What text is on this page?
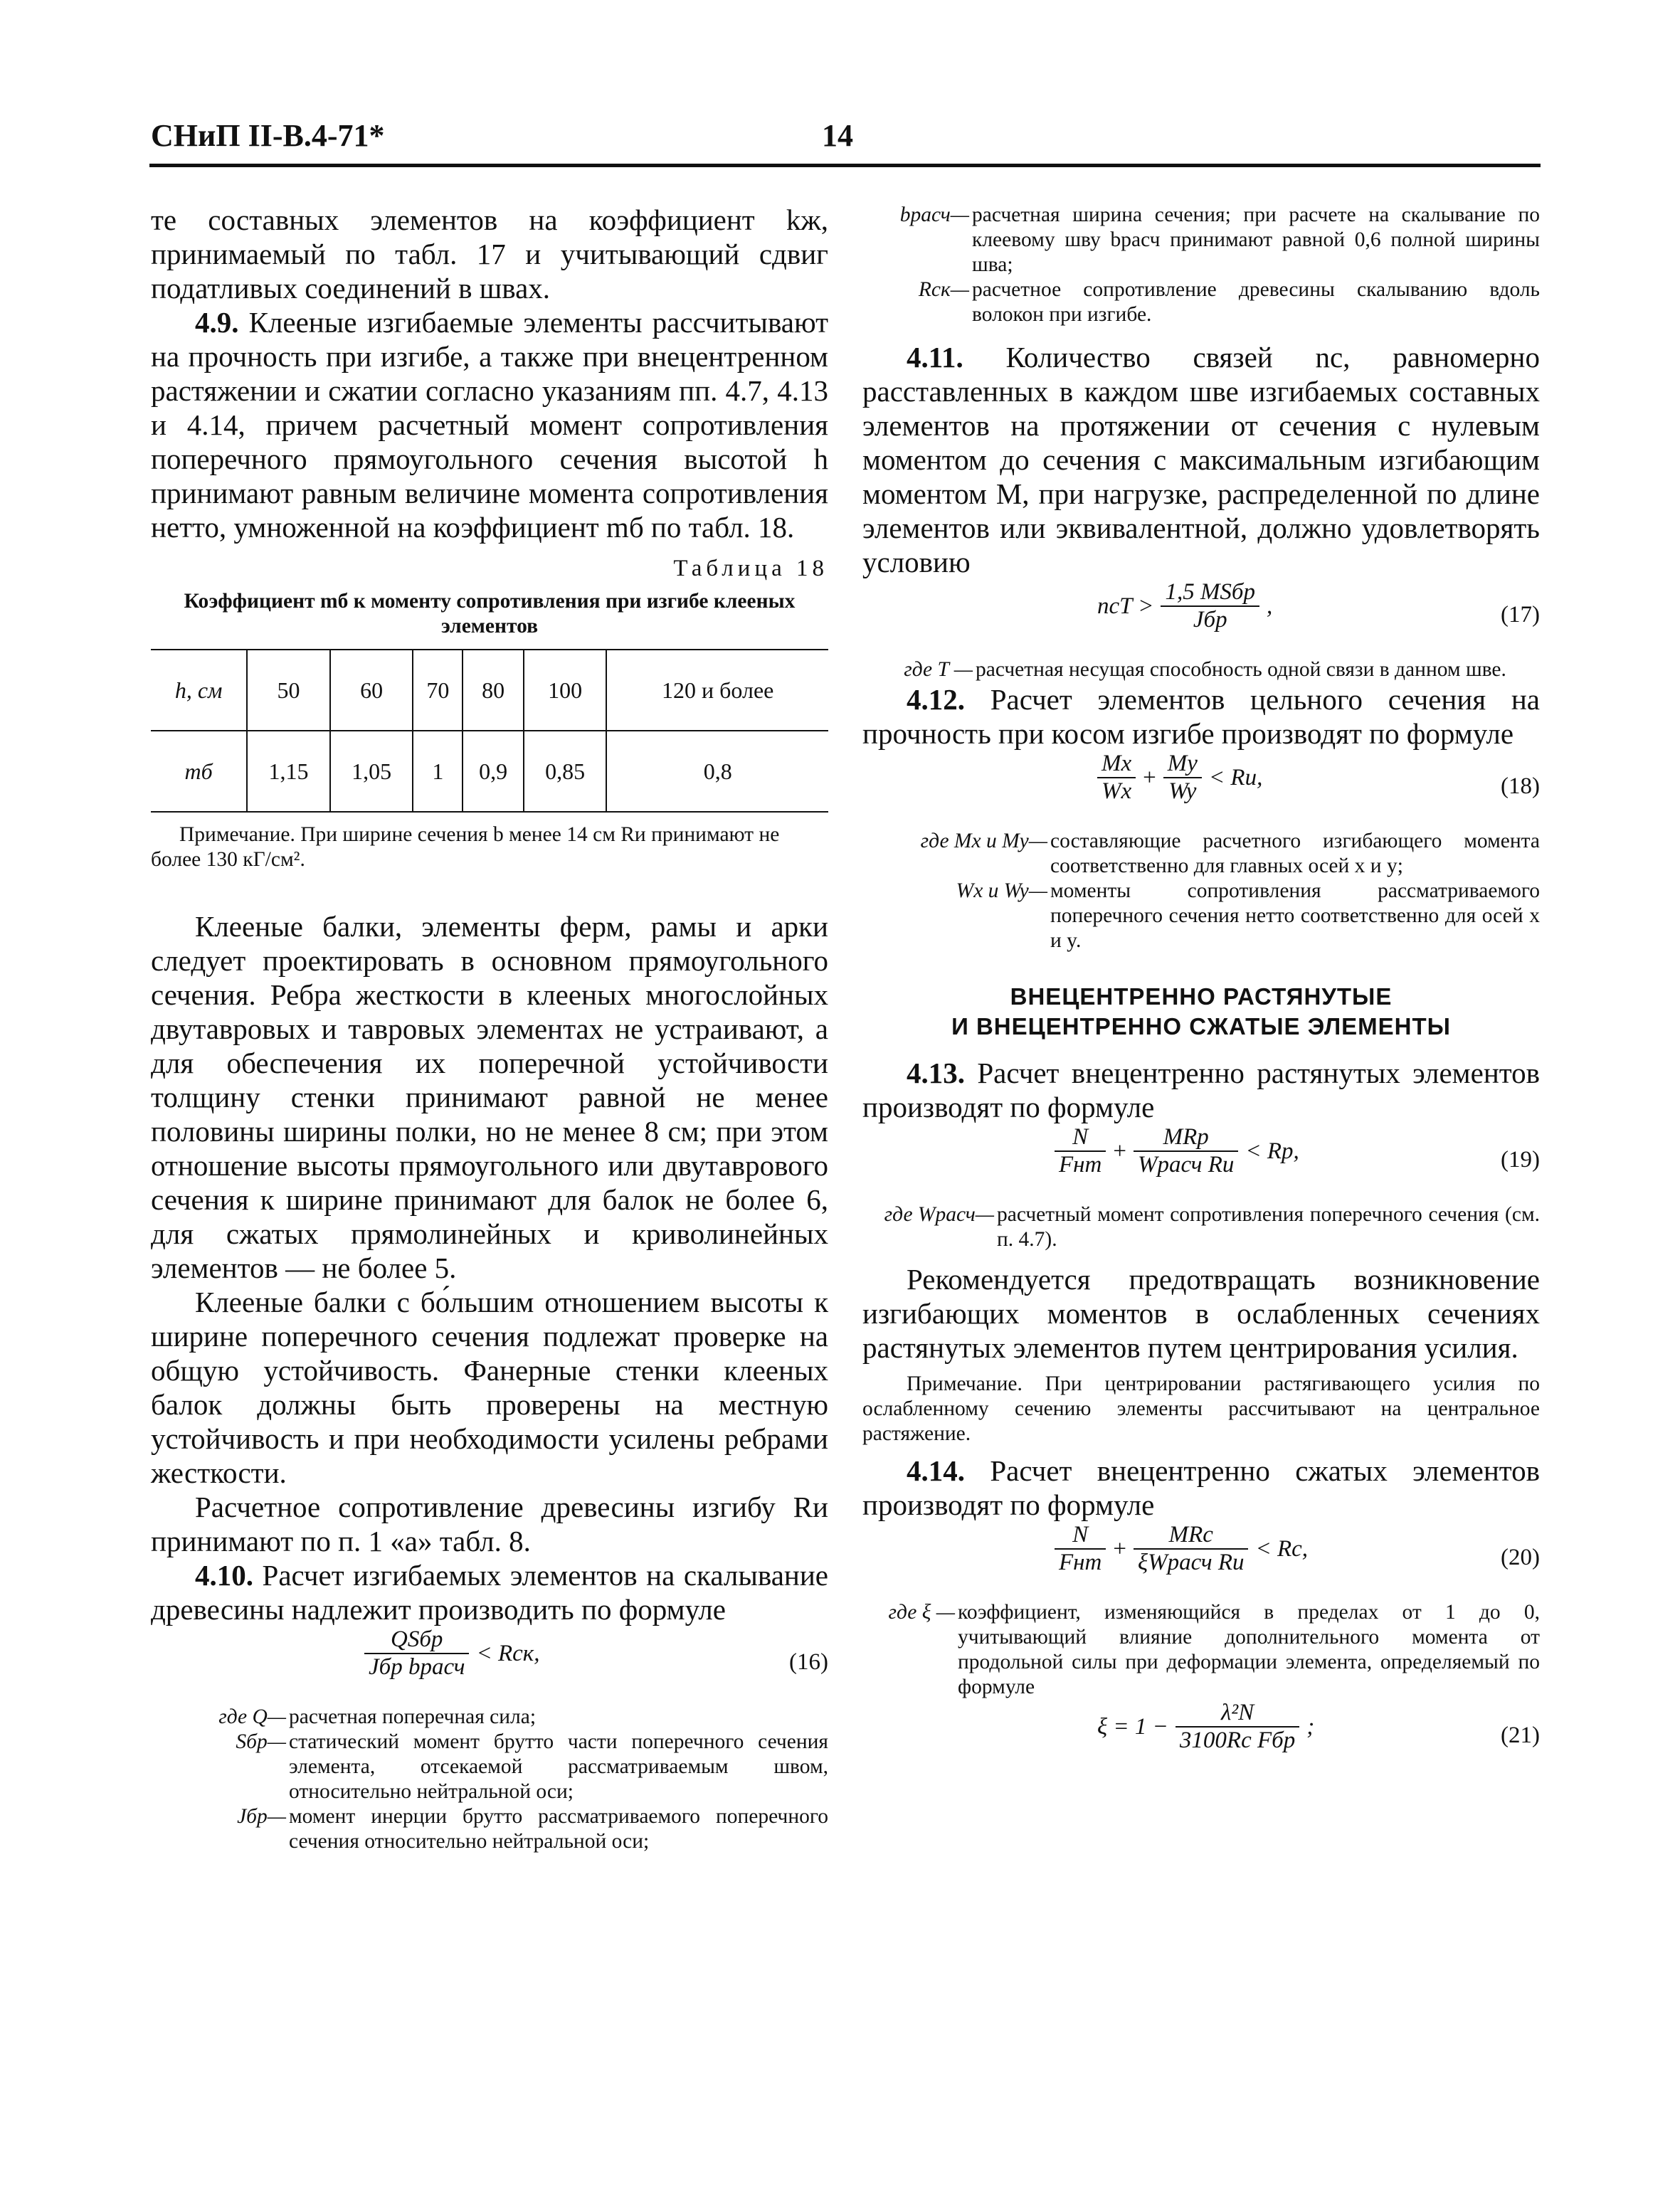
СНиП II-В.4-71*	14

те составных элементов на коэффициент kж, принимаемый по табл. 17 и учитывающий сдвиг податливых соединений в швах.

4.9. Клееные изгибаемые элементы рассчитывают на прочность при изгибе, а также при внецентренном растяжении и сжатии согласно указаниям пп. 4.7, 4.13 и 4.14, причем расчетный момент сопротивления поперечного прямоугольного сечения высотой h принимают равным величине момента сопротивления нетто, умноженной на коэффициент mб по табл. 18.

Таблица 18
Коэффициент mб к моменту сопротивления при изгибе клееных элементов
h, см	50	60	70	80	100	120 и более
mб	1,15	1,05	1	0,9	0,85	0,8

Примечание. При ширине сечения b менее 14 см Rи принимают не более 130 кГ/см².

Клееные балки, элементы ферм, рамы и арки следует проектировать в основном прямоугольного сечения. Ребра жесткости в клееных многослойных двутавровых и тавровых элементах не устраивают, а для обеспечения их поперечной устойчивости толщину стенки принимают равной не менее половины ширины полки, но не менее 8 см; при этом отношение высоты прямоугольного или двутаврового сечения к ширине принимают для балок не более 6, для сжатых прямолинейных и криволинейных элементов — не более 5.

Клееные балки с бо́льшим отношением высоты к ширине поперечного сечения подлежат проверке на общую устойчивость. Фанерные стенки клееных балок должны быть проверены на местную устойчивость и при необходимости усилены ребрами жесткости.

Расчетное сопротивление древесины изгибу Rи принимают по п. 1 «а» табл. 8.

4.10. Расчет изгибаемых элементов на скалывание древесины надлежит производить по формуле

$\frac{\text{QSбр}}{\text{Jбр bрасч}}$ < Rск,	(16)
где Q— расчетная поперечная сила;
Sбр— статический момент брутто части поперечного сечения элемента, отсекаемой рассматриваемым швом, относительно нейтральной оси;
Jбр— момент инерции брутто рассматриваемого поперечного сечения относительно нейтральной оси;
bрасч— расчетная ширина сечения; при расчете на скалывание по клеевому шву bрасч принимают равной 0,6 полной ширины шва;
Rск— расчетное сопротивление древесины скалыванию вдоль волокон при изгибе.

4.11. Количество связей nс, равномерно расставленных в каждом шве изгибаемых составных элементов на протяжении от сечения с нулевым моментом до сечения с максимальным изгибающим моментом M, при нагрузке, распределенной по длине элементов или эквивалентной, должно удовлетворять условию

nсT > $\frac{\text{1,5 MSбр}}{\text{Jбр}}$ ,	(17)
где T — расчетная несущая способность одной связи в данном шве.

4.12. Расчет элементов цельного сечения на прочность при косом изгибе производят по формуле

$\frac{Mx}{Wx} + \frac{My}{Wy}$ < Rи,	(18)
где Mx и My— составляющие расчетного изгибающего момента соответственно для главных осей x и y;
Wx и Wy— моменты сопротивления рассматриваемого поперечного сечения нетто соответственно для осей x и y.
ВНЕЦЕНТРЕННО РАСТЯНУТЫЕ
И ВНЕЦЕНТРЕННО СЖАТЫЕ ЭЛЕМЕНТЫ

4.13. Расчет внецентренно растянутых элементов производят по формуле

$\frac{N}{\text{Fнт}} + \frac{\text{MRр}}{\text{Wрасч Rи}}$ < Rр,	(19)
где Wрасч— расчетный момент сопротивления поперечного сечения (см. п. 4.7).

Рекомендуется предотвращать возникновение изгибающих моментов в ослабленных сечениях растянутых элементов путем центрирования усилия.

Примечание. При центрировании растягивающего усилия по ослабленному сечению элементы рассчитывают на центральное растяжение.

4.14. Расчет внецентренно сжатых элементов производят по формуле

$\frac{N}{\text{Fнт}} + \frac{\text{MRс}}{\text{ξWрасч Rи}}$ < Rс,	(20)
где ξ — коэффициент, изменяющийся в пределах от 1 до 0, учитывающий влияние дополнительного момента от продольной силы при деформации элемента, определяемый по формуле
$\xi = 1 - \frac{\text{λ²N}}{\text{3100Rс Fбр}}$ ;	(21)
